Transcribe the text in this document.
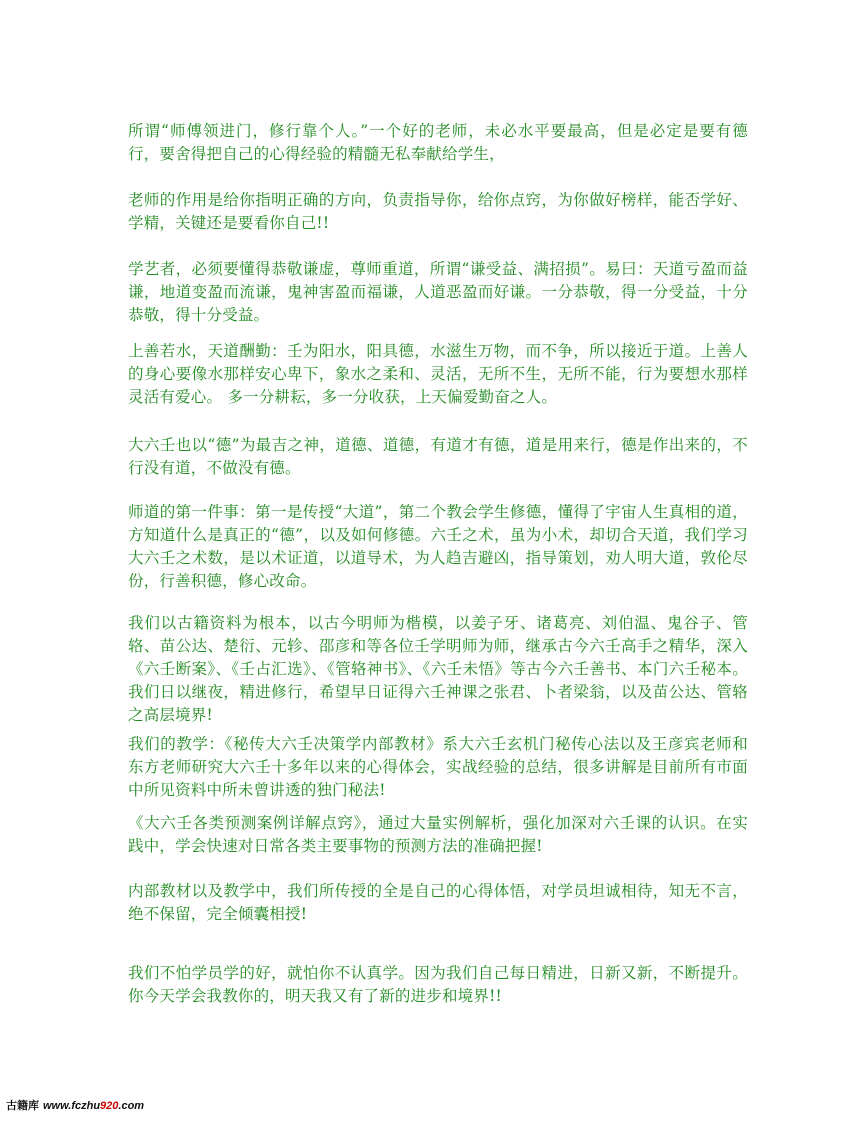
所谓“师傅领进门，修行靠个人。”一个好的老师，未必水平要最高，但是必定是要有德行，要舍得把自己的心得经验的精髓无私奉献给学生，

老师的作用是给你指明正确的方向，负责指导你，给你点窍，为你做好榜样，能否学好、学精，关键还是要看你自己!!

学艺者，必须要懂得恭敬谦虚，尊师重道，所谓“谦受益、满招损”。易曰：天道亏盈而益谦，地道变盈而流谦，鬼神害盈而福谦，人道恶盈而好谦。一分恭敬，得一分受益，十分恭敬，得十分受益。

上善若水，天道酬勤：壬为阳水，阳具德，水滋生万物，而不争，所以接近于道。上善人的身心要像水那样安心卑下，象水之柔和、灵活，无所不生，无所不能，行为要想水那样灵活有爱心。 多一分耕耘，多一分收获，上天偏爱勤奋之人。

大六壬也以“德”为最吉之神，道德、道德，有道才有德，道是用来行，德是作出来的，不行没有道，不做没有德。

师道的第一件事：第一是传授“大道”，第二个教会学生修德，懂得了宇宙人生真相的道，方知道什么是真正的“德”，以及如何修德。六壬之术，虽为小术，却切合天道，我们学习大六壬之术数，是以术证道，以道导术，为人趋吉避凶，指导策划，劝人明大道，敦伦尽份，行善积德，修心改命。

我们以古籍资料为根本，以古今明师为楷模，以姜子牙、诸葛亮、刘伯温、鬼谷子、管辂、苗公达、楚衍、元轸、邵彦和等各位壬学明师为师，继承古今六壬高手之精华，深入《六壬断案》、《壬占汇选》、《管辂神书》、《六壬未悟》等古今六壬善书、本门六壬秘本。我们日以继夜，精进修行，希望早日证得六壬神课之张君、卜者梁翁，以及苗公达、管辂之高层境界!

我们的教学：《秘传大六壬决策学内部教材》系大六壬玄机门秘传心法以及王彦宾老师和东方老师研究大六壬十多年以来的心得体会，实战经验的总结，很多讲解是目前所有市面中所见资料中所未曾讲透的独门秘法!

《大六壬各类预测案例详解点窍》，通过大量实例解析，强化加深对六壬课的认识。在实践中，学会快速对日常各类主要事物的预测方法的准确把握!

内部教材以及教学中，我们所传授的全是自己的心得体悟，对学员坦诚相待，知无不言，绝不保留，完全倾囊相授!

我们不怕学员学的好，就怕你不认真学。因为我们自己每日精进，日新又新，不断提升。你今天学会我教你的，明天我又有了新的进步和境界!!

古籍库 www.fczhu920.com
